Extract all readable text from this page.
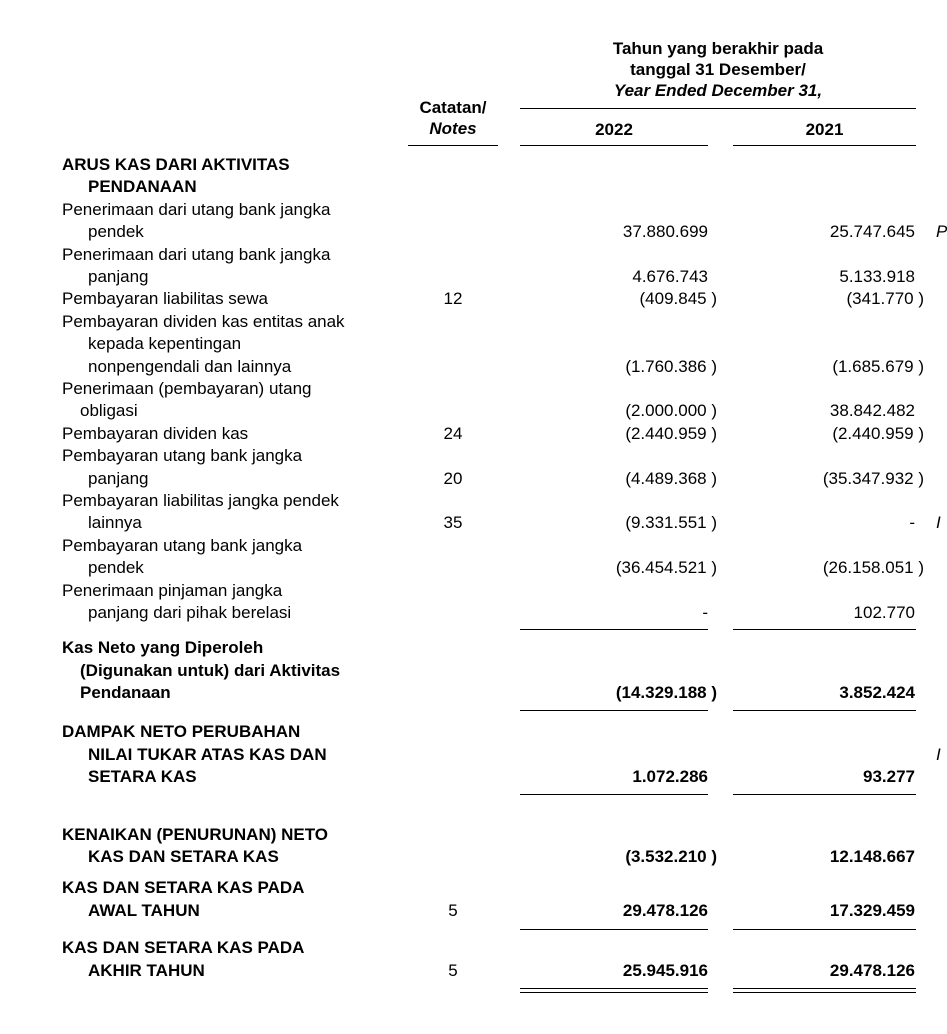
Tahun yang berakhir pada
tanggal 31 Desember/
Year Ended December 31,
Catatan/
Notes	2022	2021
ARUS KAS DARI AKTIVITAS
PENDANAAN
Penerimaan dari utang bank jangka
pendek	37.880.699	25.747.645 P
Penerimaan dari utang bank jangka
panjang	4.676.743	5.133.918
Pembayaran liabilitas sewa	12	(409.845 )	(341.770 )
Pembayaran dividen kas entitas anak
kepada kepentingan
nonpengendali dan lainnya	(1.760.386 )	(1.685.679 )
Penerimaan (pembayaran) utang
obligasi	(2.000.000 )	38.842.482
Pembayaran dividen kas	24	(2.440.959 )	(2.440.959 )
Pembayaran utang bank jangka
panjang	20	(4.489.368 )	(35.347.932 )
Pembayaran liabilitas jangka pendek
lainnya	35	(9.331.551 )	- I
Pembayaran utang bank jangka
pendek	(36.454.521 )	(26.158.051 )
Penerimaan pinjaman jangka
panjang dari pihak berelasi	-	102.770
Kas Neto yang Diperoleh
(Digunakan untuk) dari Aktivitas
Pendanaan	(14.329.188 )	3.852.424
DAMPAK NETO PERUBAHAN
NILAI TUKAR ATAS KAS DAN
SETARA KAS	1.072.286	93.277
I
KENAIKAN (PENURUNAN) NETO
KAS DAN SETARA KAS	(3.532.210 )	12.148.667
KAS DAN SETARA KAS PADA
AWAL TAHUN	5	29.478.126	17.329.459
KAS DAN SETARA KAS PADA
AKHIR TAHUN	5	25.945.916	29.478.126
